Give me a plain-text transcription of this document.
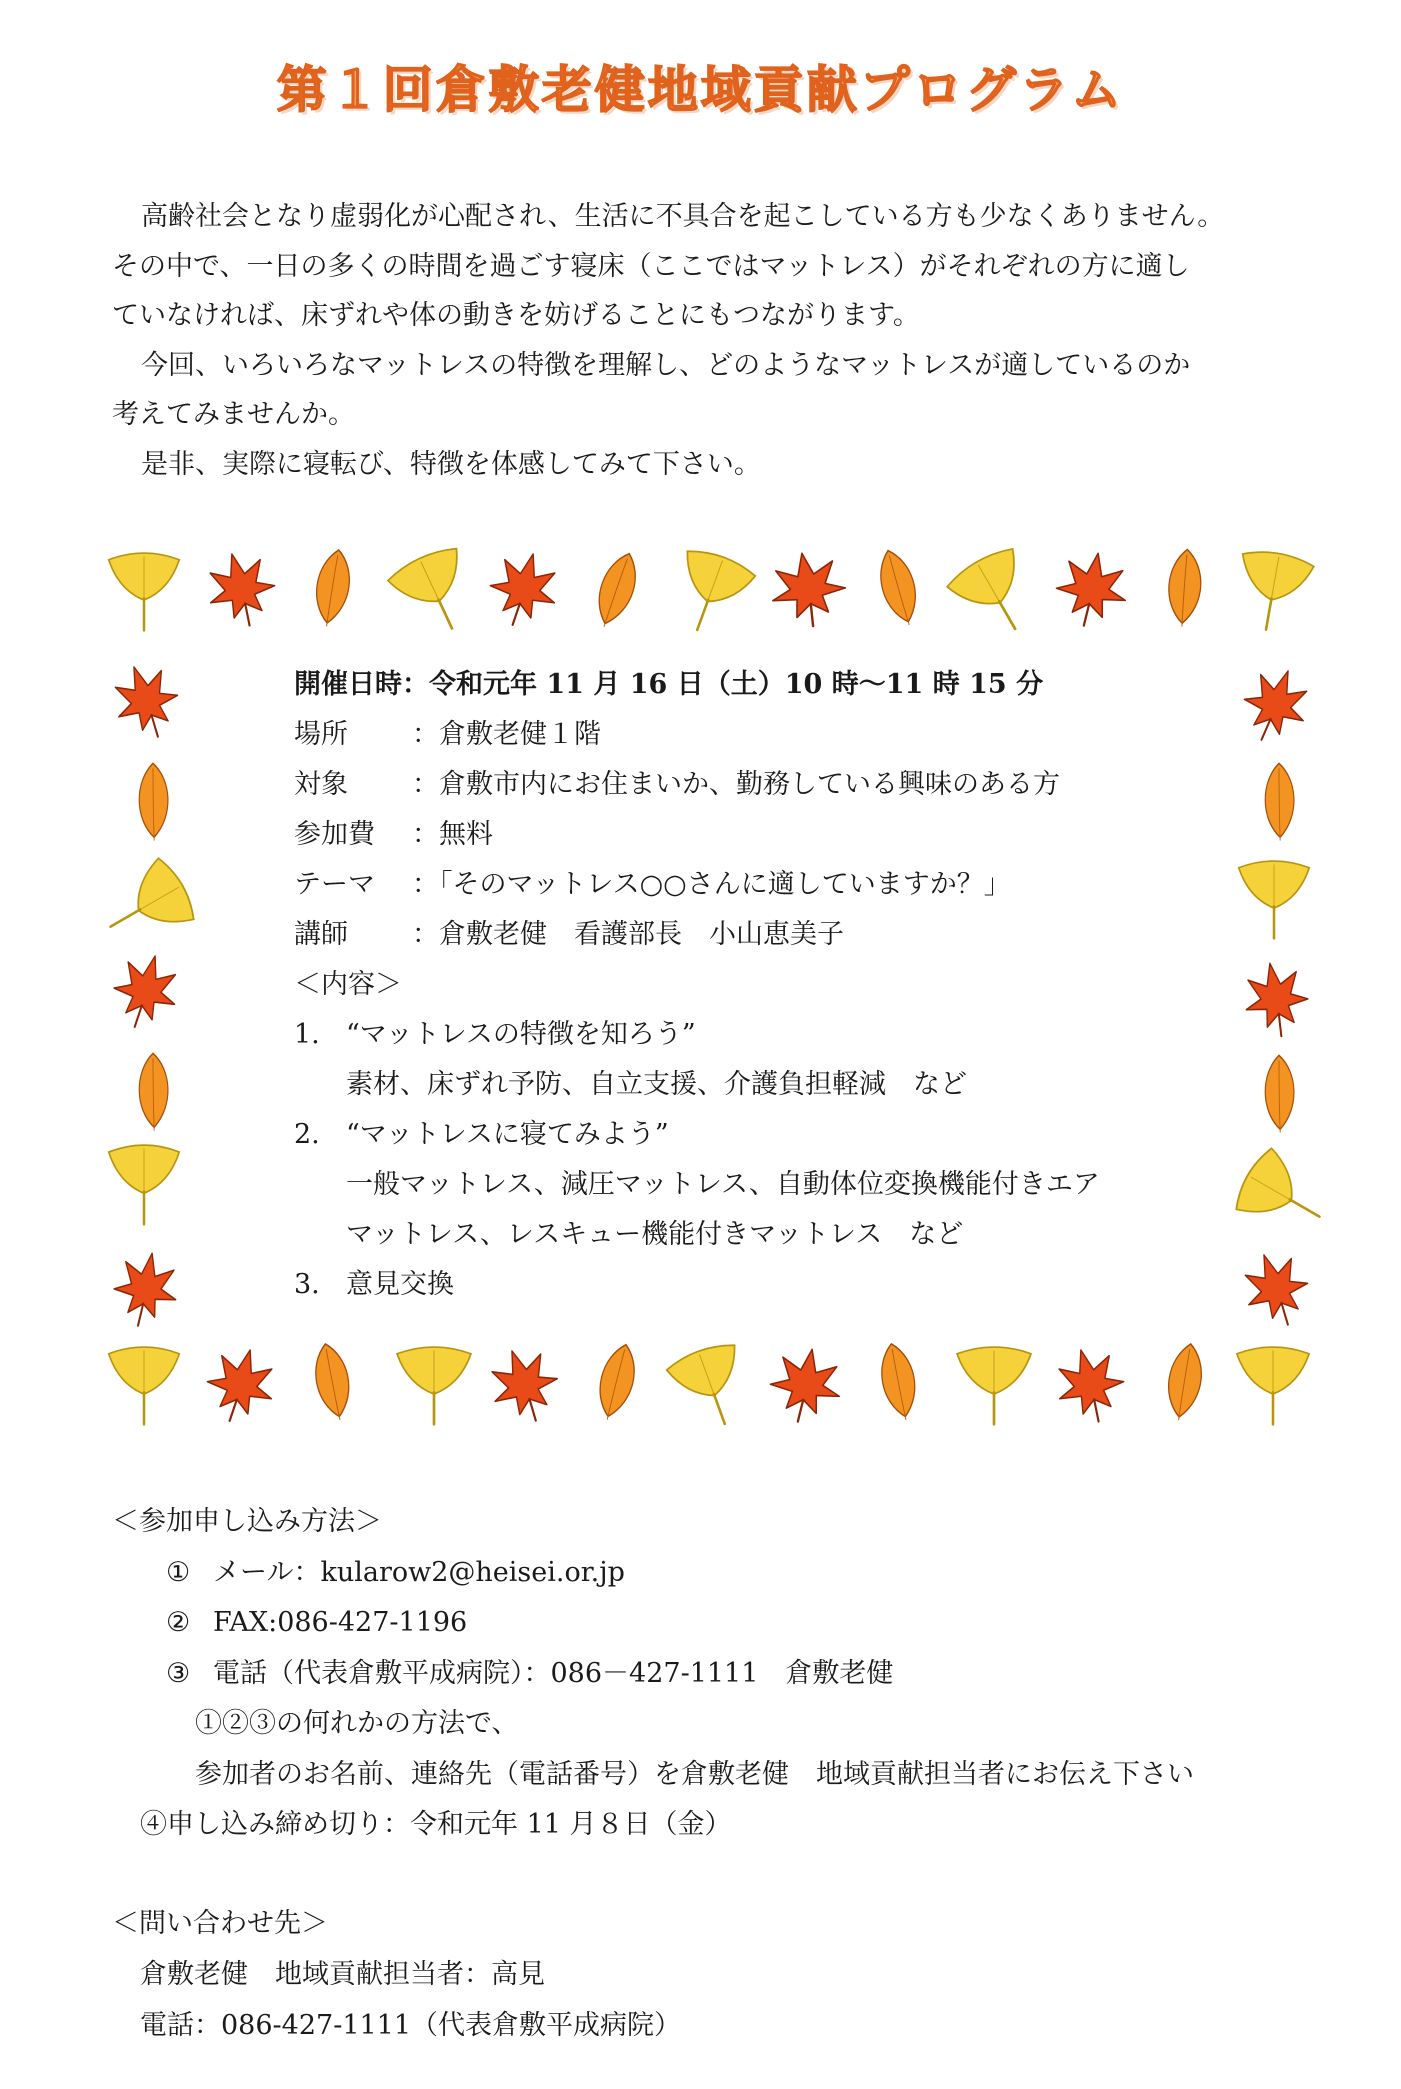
第１回倉敷老健地域貢献プログラム

高齢社会となり虚弱化が心配され、生活に不具合を起こしている方も少なくありません。

その中で、一日の多くの時間を過ごす寝床（ここではマットレス）がそれぞれの方に適し

ていなければ、床ずれや体の動きを妨げることにもつながります。

今回、いろいろなマットレスの特徴を理解し、どのようなマットレスが適しているのか

考えてみませんか。

是非、実際に寝転び、特徴を体感してみて下さい。

開催日時：令和元年 11 月 16 日（土）10 時～11 時 15 分
場所 ：倉敷老健１階
対象 ：倉敷市内にお住まいか、勤務している興味のある方
参加費 ：無料
テーマ ：「そのマットレス○○さんに適していますか？」
講師 ：倉敷老健　看護部長　小山恵美子
＜内容＞
1. “マットレスの特徴を知ろう”
素材、床ずれ予防、自立支援、介護負担軽減　など
2. “マットレスに寝てみよう”
一般マットレス、減圧マットレス、自動体位変換機能付きエア
マットレス、レスキュー機能付きマットレス　など
3. 意見交換
＜参加申し込み方法＞
① メール：kularow2@heisei.or.jp
② FAX:086-427-1196
③ 電話（代表倉敷平成病院）：086－427-1111　倉敷老健
①②③の何れかの方法で、
参加者のお名前、連絡先（電話番号）を倉敷老健　地域貢献担当者にお伝え下さい
④申し込み締め切り：令和元年 11 月８日（金）
＜問い合わせ先＞
倉敷老健　地域貢献担当者：高見
電話：086-427-1111（代表倉敷平成病院）
